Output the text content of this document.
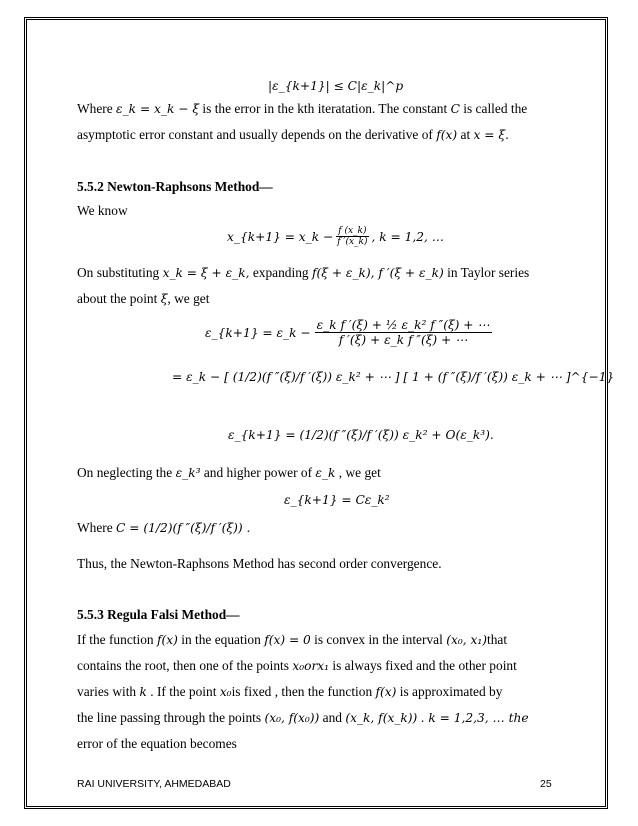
|ε_{k+1}| ≤ C|ε_k|^p
Where ε_k = x_k − ξ is the error in the kth iteratation. The constant C is called the
asymptotic error constant and usually depends on the derivative of f(x) at x = ξ.
5.5.2 Newton-Raphsons Method—
We know
x_{k+1} = x_k − $\frac{f (x\_k)}{f '(x\_k)}$ , k = 1,2, …
On substituting x_k = ξ + ε_k, expanding f(ξ + ε_k), f ′(ξ + ε_k) in Taylor series
about the point ξ, we get
ε_{k+1} = ε_k − $\frac{\text{ε\_k f ′(ξ) + ½ ε\_k² f ″(ξ) + ⋯}}{\text{f ′(ξ) + ε\_k f ″(ξ) + ⋯}}$
= ε_k − [ (1/2)(f ″(ξ)/f ′(ξ)) ε_k² + ⋯ ] [ 1 + (f ″(ξ)/f ′(ξ)) ε_k + ⋯ ]^{−1}
ε_{k+1} = (1/2)(f ″(ξ)/f ′(ξ)) ε_k² + O(ε_k³).
On neglecting the ε_k³ and higher power of ε_k , we get
ε_{k+1} = Cε_k²
Where C = (1/2)(f ″(ξ)/f ′(ξ)) .
Thus, the Newton-Raphsons Method has second order convergence.
5.5.3 Regula Falsi Method—
If the function f(x) in the equation f(x) = 0 is convex in the interval (x₀, x₁)that
contains the root, then one of the points x₀orx₁ is always fixed and the other point
varies with k . If the point x₀is fixed , then the function f(x) is approximated by
the line passing through the points (x₀, f(x₀)) and (x_k, f(x_k)) . k = 1,2,3, … the
error of the equation becomes
RAI UNIVERSITY, AHMEDABAD	25
